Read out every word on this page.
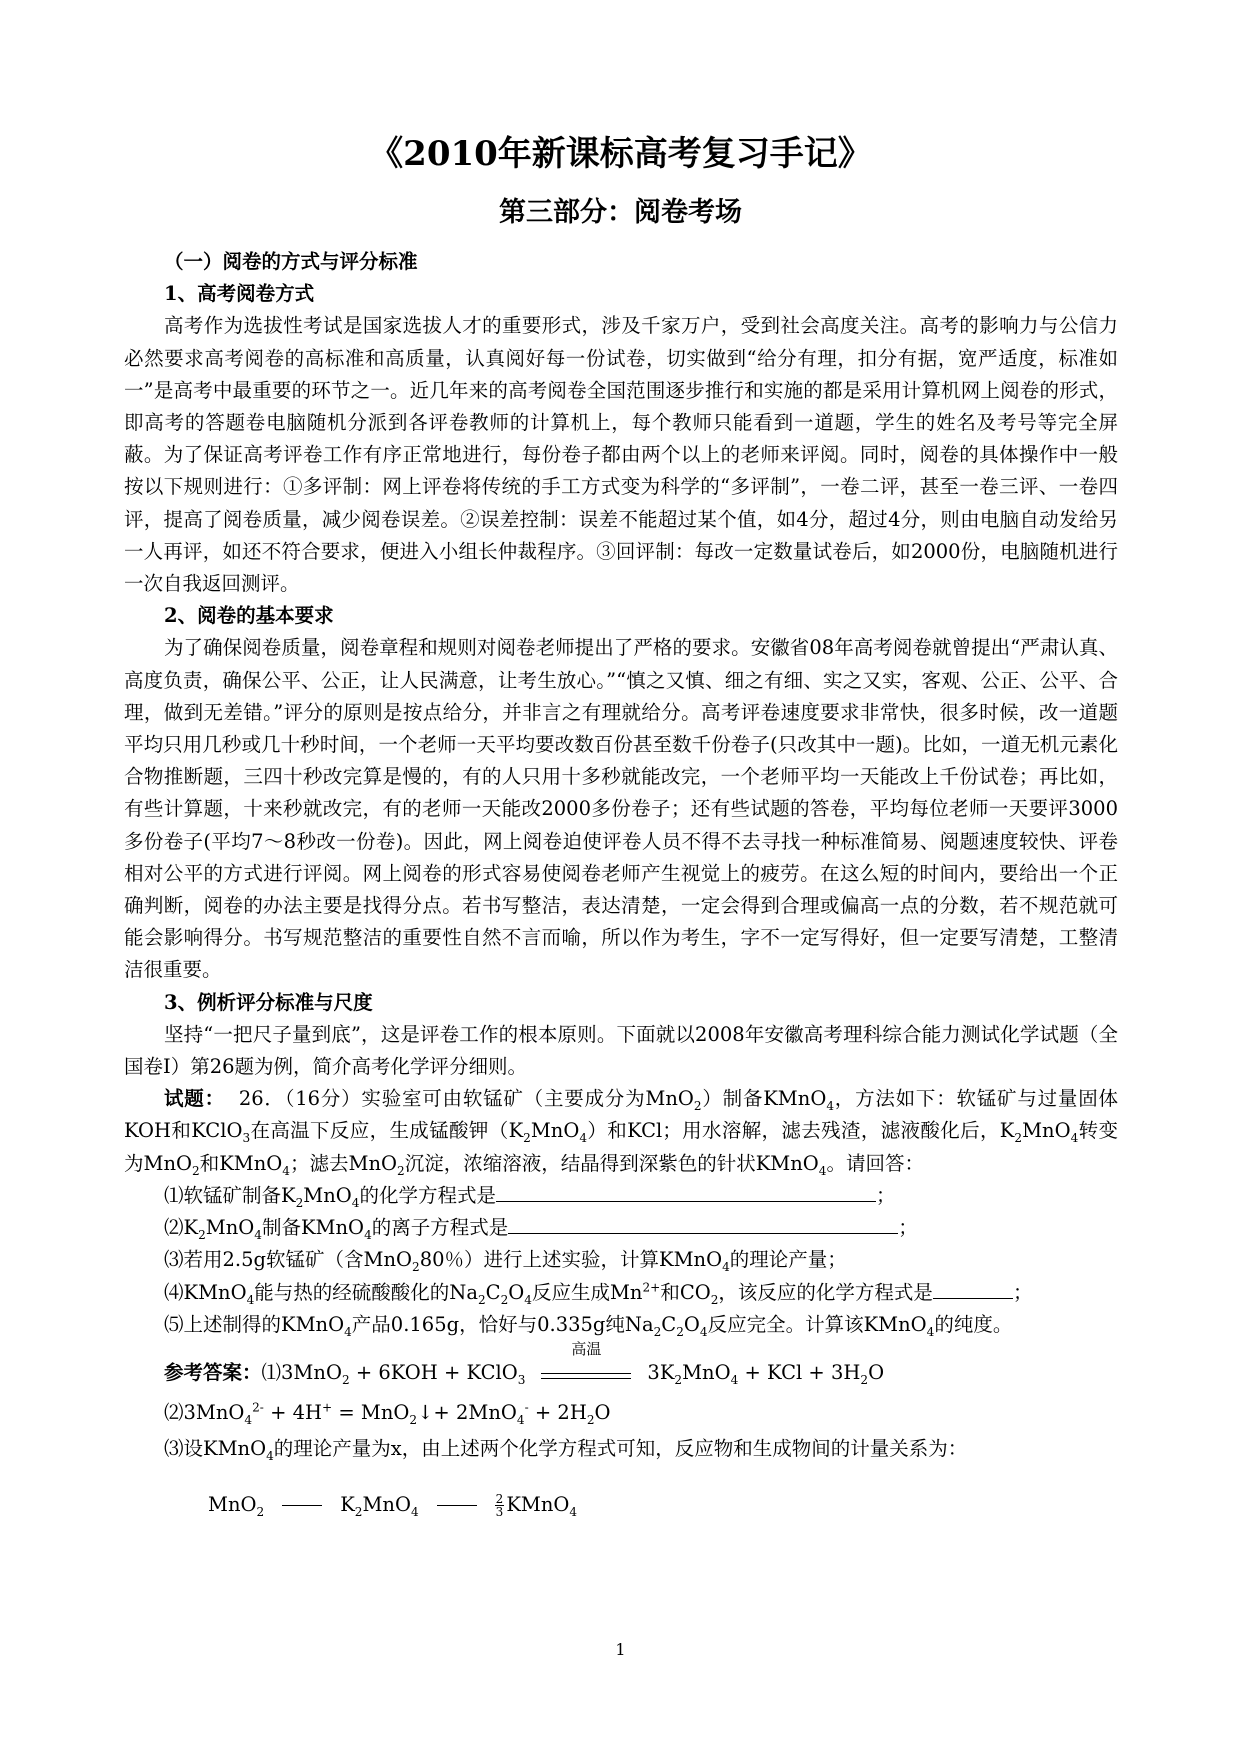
《2010年新课标高考复习手记》
第三部分：阅卷考场

（一）阅卷的方式与评分标准

1、高考阅卷方式

高考作为选拔性考试是国家选拔人才的重要形式，涉及千家万户，受到社会高度关注。高考的影响力与公信力必然要求高考阅卷的高标准和高质量，认真阅好每一份试卷，切实做到“给分有理，扣分有据，宽严适度，标准如一”是高考中最重要的环节之一。近几年来的高考阅卷全国范围逐步推行和实施的都是采用计算机网上阅卷的形式，即高考的答题卷电脑随机分派到各评卷教师的计算机上，每个教师只能看到一道题，学生的姓名及考号等完全屏蔽。为了保证高考评卷工作有序正常地进行，每份卷子都由两个以上的老师来评阅。同时，阅卷的具体操作中一般按以下规则进行：①多评制：网上评卷将传统的手工方式变为科学的“多评制”，一卷二评，甚至一卷三评、一卷四评，提高了阅卷质量，减少阅卷误差。②误差控制：误差不能超过某个值，如4分，超过4分，则由电脑自动发给另一人再评，如还不符合要求，便进入小组长仲裁程序。③回评制：每改一定数量试卷后，如2000份，电脑随机进行一次自我返回测评。

2、阅卷的基本要求

为了确保阅卷质量，阅卷章程和规则对阅卷老师提出了严格的要求。安徽省08年高考阅卷就曾提出“严肃认真、高度负责，确保公平、公正，让人民满意，让考生放心。”“慎之又慎、细之有细、实之又实，客观、公正、公平、合理，做到无差错。”评分的原则是按点给分，并非言之有理就给分。高考评卷速度要求非常快，很多时候，改一道题平均只用几秒或几十秒时间，一个老师一天平均要改数百份甚至数千份卷子(只改其中一题)。比如，一道无机元素化合物推断题，三四十秒改完算是慢的，有的人只用十多秒就能改完，一个老师平均一天能改上千份试卷；再比如，有些计算题，十来秒就改完，有的老师一天能改2000多份卷子；还有些试题的答卷，平均每位老师一天要评3000多份卷子(平均7～8秒改一份卷)。因此，网上阅卷迫使评卷人员不得不去寻找一种标准简易、阅题速度较快、评卷相对公平的方式进行评阅。网上阅卷的形式容易使阅卷老师产生视觉上的疲劳。在这么短的时间内，要给出一个正确判断，阅卷的办法主要是找得分点。若书写整洁，表达清楚，一定会得到合理或偏高一点的分数，若不规范就可能会影响得分。书写规范整洁的重要性自然不言而喻，所以作为考生，字不一定写得好，但一定要写清楚，工整清洁很重要。

3、例析评分标准与尺度

坚持“一把尺子量到底”，这是评卷工作的根本原则。下面就以2008年安徽高考理科综合能力测试化学试题（全国卷Ⅰ）第26题为例，简介高考化学评分细则。

试题： 26．（16分）实验室可由软锰矿（主要成分为MnO$_2$）制备KMnO$_4$，方法如下：软锰矿与过量固体KOH和KClO$_3$在高温下反应，生成锰酸钾$(K_2MnO_4)$和KCl；用水溶解，滤去残渣，滤液酸化后，$K_2MnO_4$转变为MnO$_2$和KMnO$_4$；滤去MnO$_2$沉淀，浓缩溶液，结晶得到深紫色的针状KMnO$_4$。请回答：

⑴软锰矿制备$K_2MnO_4$的化学方程式是	；

$⑵K_2MnO_4$制备KMnO$_4$的离子方程式是	；

⑶若用2.5g软锰矿（含MnO$_2$80％）进行上述实验，计算KMnO$_4$的理论产量；

⑷KMnO$_4$能与热的经硫酸酸化的$Na_2C_2O_4$反应生成$Mn^{2+}$和$CO_2$，该反应的化学方程式是	；

⑸上述制得的KMnO$_4$产品0.165g，恰好与0.335g纯$Na_2C_2O_4$反应完全。计算该KMnO$_4$的纯度。

参考答案：⑴3MnO$_2$ + 6KOH + KClO$_3$
高温
$3K_2MnO_4$ + KCl + $3H_2O$

⑵3MnO$_4^{2-}$ + 4H+ = MnO$_2$↓+ $2MnO_4^- + 2H_2O$

⑶设KMnO$_4$的理论产量为x，由上述两个化学方程式可知，反应物和生成物间的计量关系为：

MnO$_2$	$K_2MnO_4$	$\frac{2}{3}$ KMnO$_4$

1
